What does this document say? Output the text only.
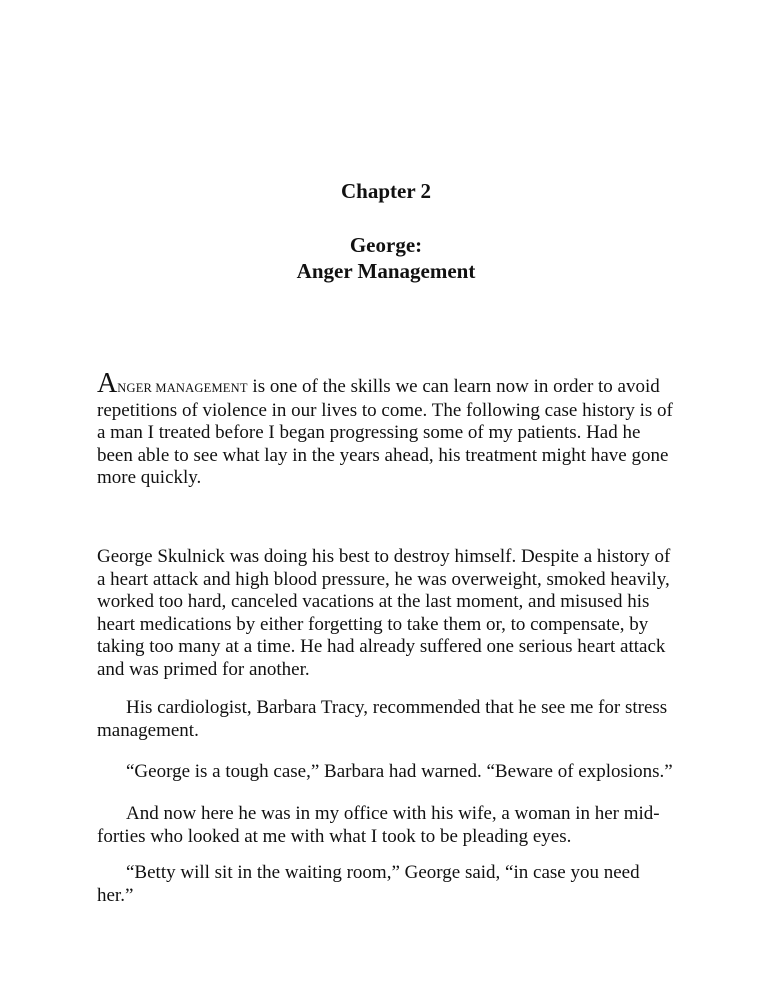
Chapter 2
George:
Anger Management

ANGER MANAGEMENT is one of the skills we can learn now in order to avoid repetitions of violence in our lives to come. The following case history is of a man I treated before I began progressing some of my patients. Had he been able to see what lay in the years ahead, his treatment might have gone more quickly.

George Skulnick was doing his best to destroy himself. Despite a history of a heart attack and high blood pressure, he was overweight, smoked heavily, worked too hard, canceled vacations at the last moment, and misused his heart medications by either forgetting to take them or, to compensate, by taking too many at a time. He had already suffered one serious heart attack and was primed for another.

His cardiologist, Barbara Tracy, recommended that he see me for stress management.

“George is a tough case,” Barbara had warned. “Beware of explosions.”

And now here he was in my office with his wife, a woman in her mid-forties who looked at me with what I took to be pleading eyes.

“Betty will sit in the waiting room,” George said, “in case you need her.”
